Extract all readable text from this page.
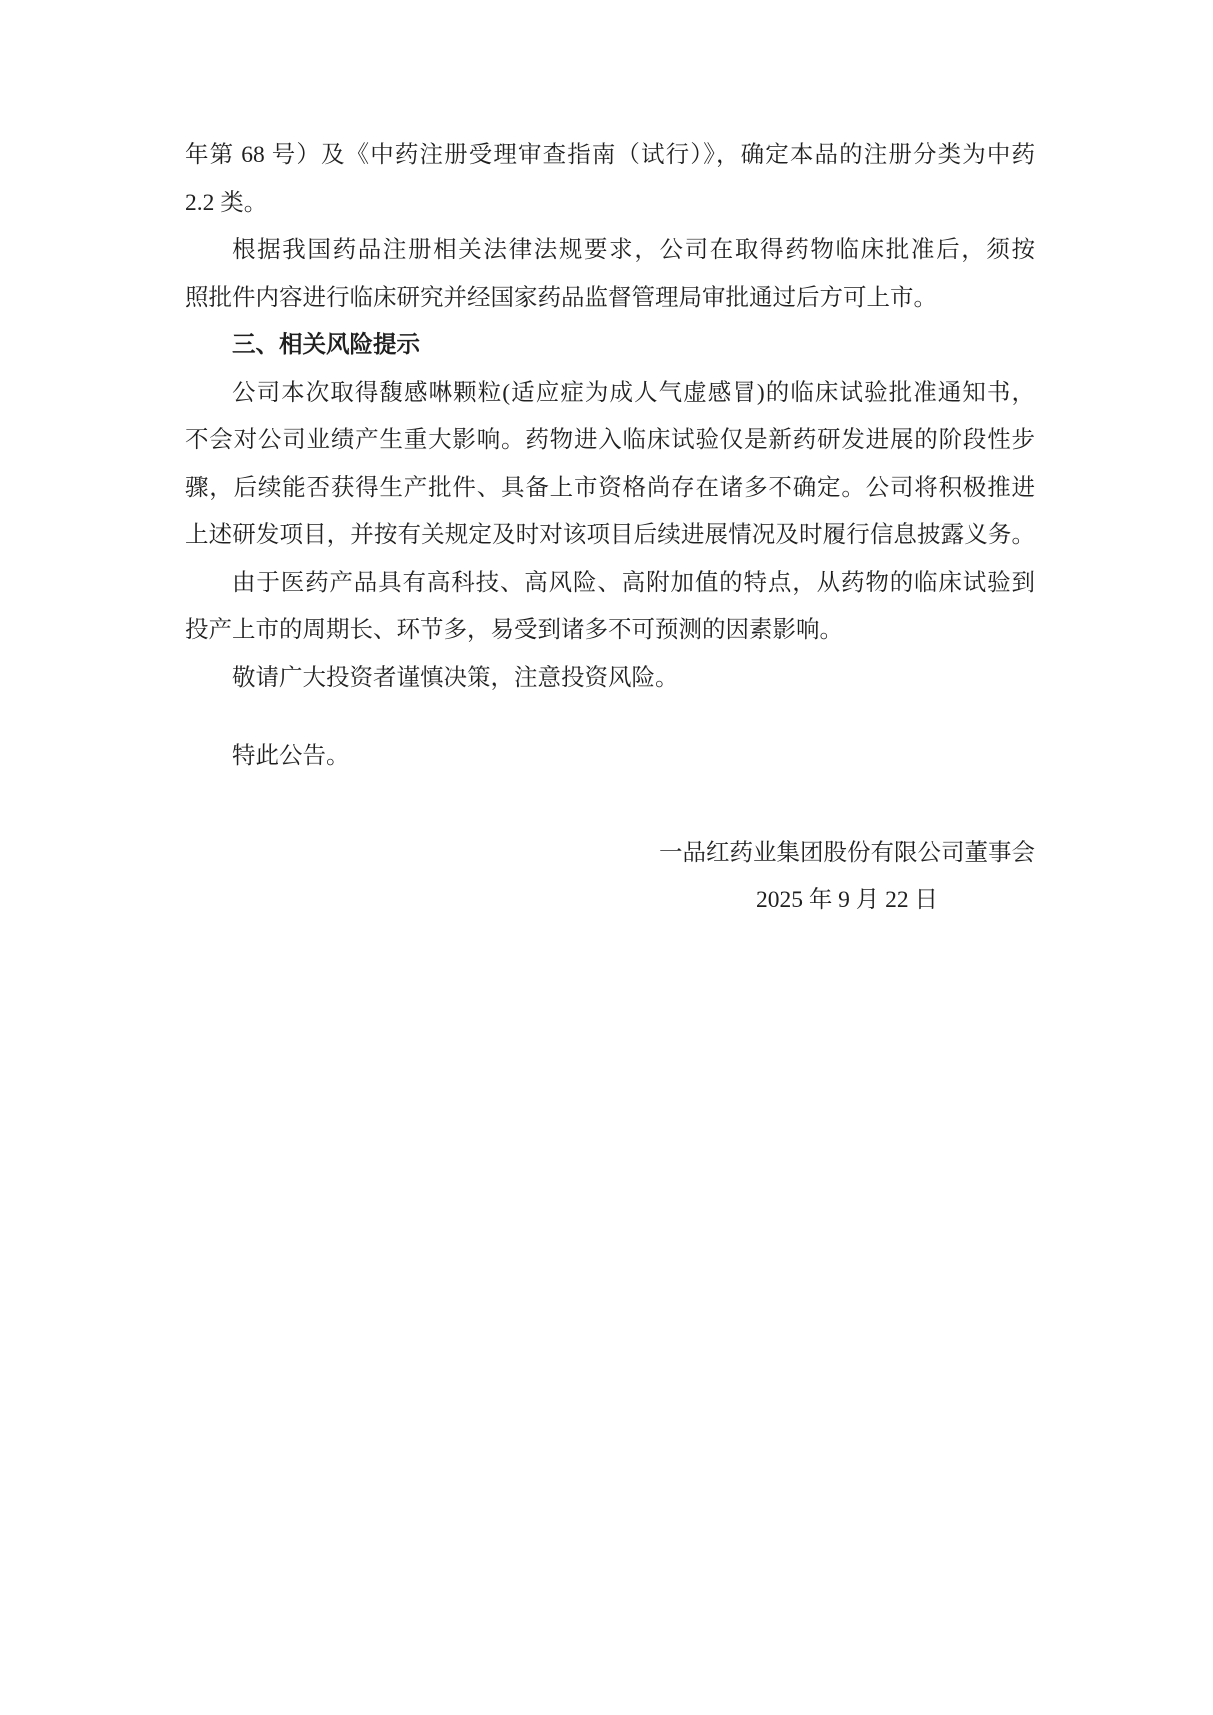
年第 68 号）及《中药注册受理审查指南（试行）》，确定本品的注册分类为中药
2.2 类。
根据我国药品注册相关法律法规要求，公司在取得药物临床批准后，须按
照批件内容进行临床研究并经国家药品监督管理局审批通过后方可上市。
三、相关风险提示
公司本次取得馥感啉颗粒(适应症为成人气虚感冒)的临床试验批准通知书，
不会对公司业绩产生重大影响。药物进入临床试验仅是新药研发进展的阶段性步
骤，后续能否获得生产批件、具备上市资格尚存在诸多不确定。公司将积极推进
上述研发项目，并按有关规定及时对该项目后续进展情况及时履行信息披露义务。
由于医药产品具有高科技、高风险、高附加值的特点，从药物的临床试验到
投产上市的周期长、环节多，易受到诸多不可预测的因素影响。
敬请广大投资者谨慎决策，注意投资风险。
特此公告。
一品红药业集团股份有限公司董事会
2025 年 9 月 22 日
